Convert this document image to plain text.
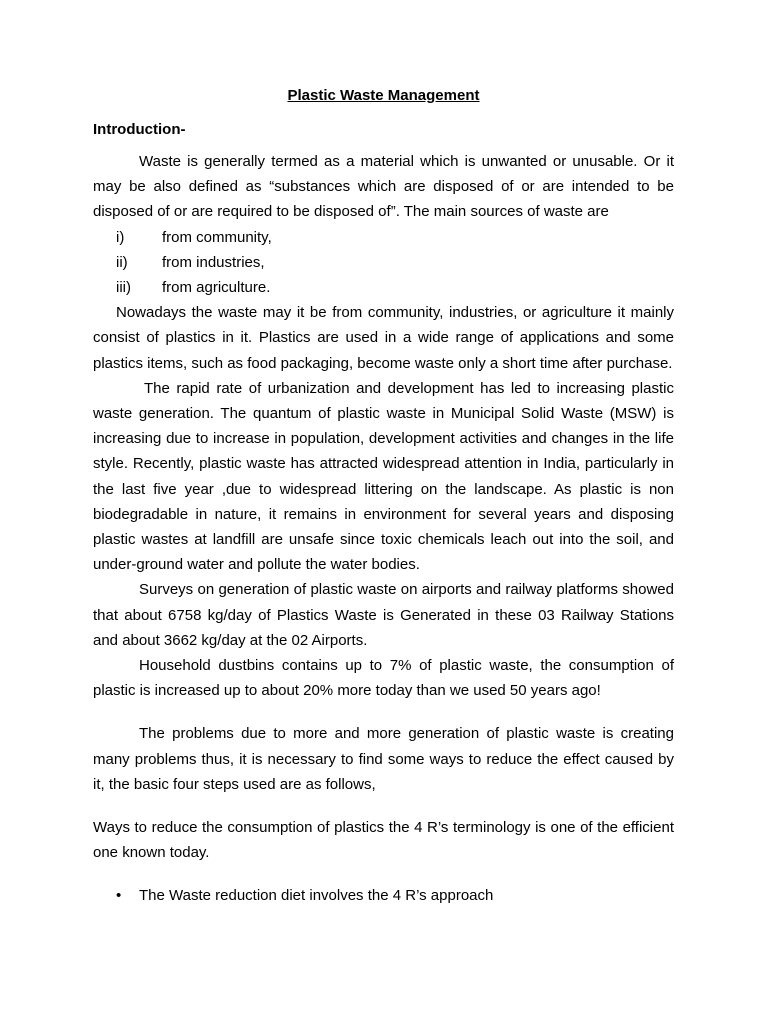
Plastic Waste Management
Introduction-

Waste is generally termed as a material which is unwanted or unusable. Or it may be also defined as “substances which are disposed of or are intended to be disposed of or are required to be disposed of”. The main sources of waste are

i)	from community,
ii) from industries,
iii) from agriculture.

Nowadays the waste may it be from community, industries, or agriculture it mainly consist of plastics in it. Plastics are used in a wide range of applications and some plastics items, such as food packaging, become waste only a short time after purchase.

The rapid rate of urbanization and development has led to increasing plastic waste generation. The quantum of plastic waste in Municipal Solid Waste (MSW) is increasing due to increase in population, development activities and changes in the life style. Recently, plastic waste has attracted widespread attention in India, particularly in the last five year ,due to widespread littering on the landscape. As plastic is non biodegradable in nature, it remains in environment for several years and disposing plastic wastes at landfill are unsafe since toxic chemicals leach out into the soil, and under-ground water and pollute the water bodies.

Surveys on generation of plastic waste on airports and railway platforms showed that about 6758 kg/day of Plastics Waste is Generated in these 03 Railway Stations and about 3662 kg/day at the 02 Airports.

Household dustbins contains up to 7% of plastic waste, the consumption of plastic is increased up to about 20% more today than we used 50 years ago!

The problems due to more and more generation of plastic waste is creating many problems thus, it is necessary to find some ways to reduce the effect caused by it, the basic four steps used are as follows,

Ways to reduce the consumption of plastics the 4 R’s terminology is one of the efficient one known today.

• The Waste reduction diet involves the 4 R’s approach
